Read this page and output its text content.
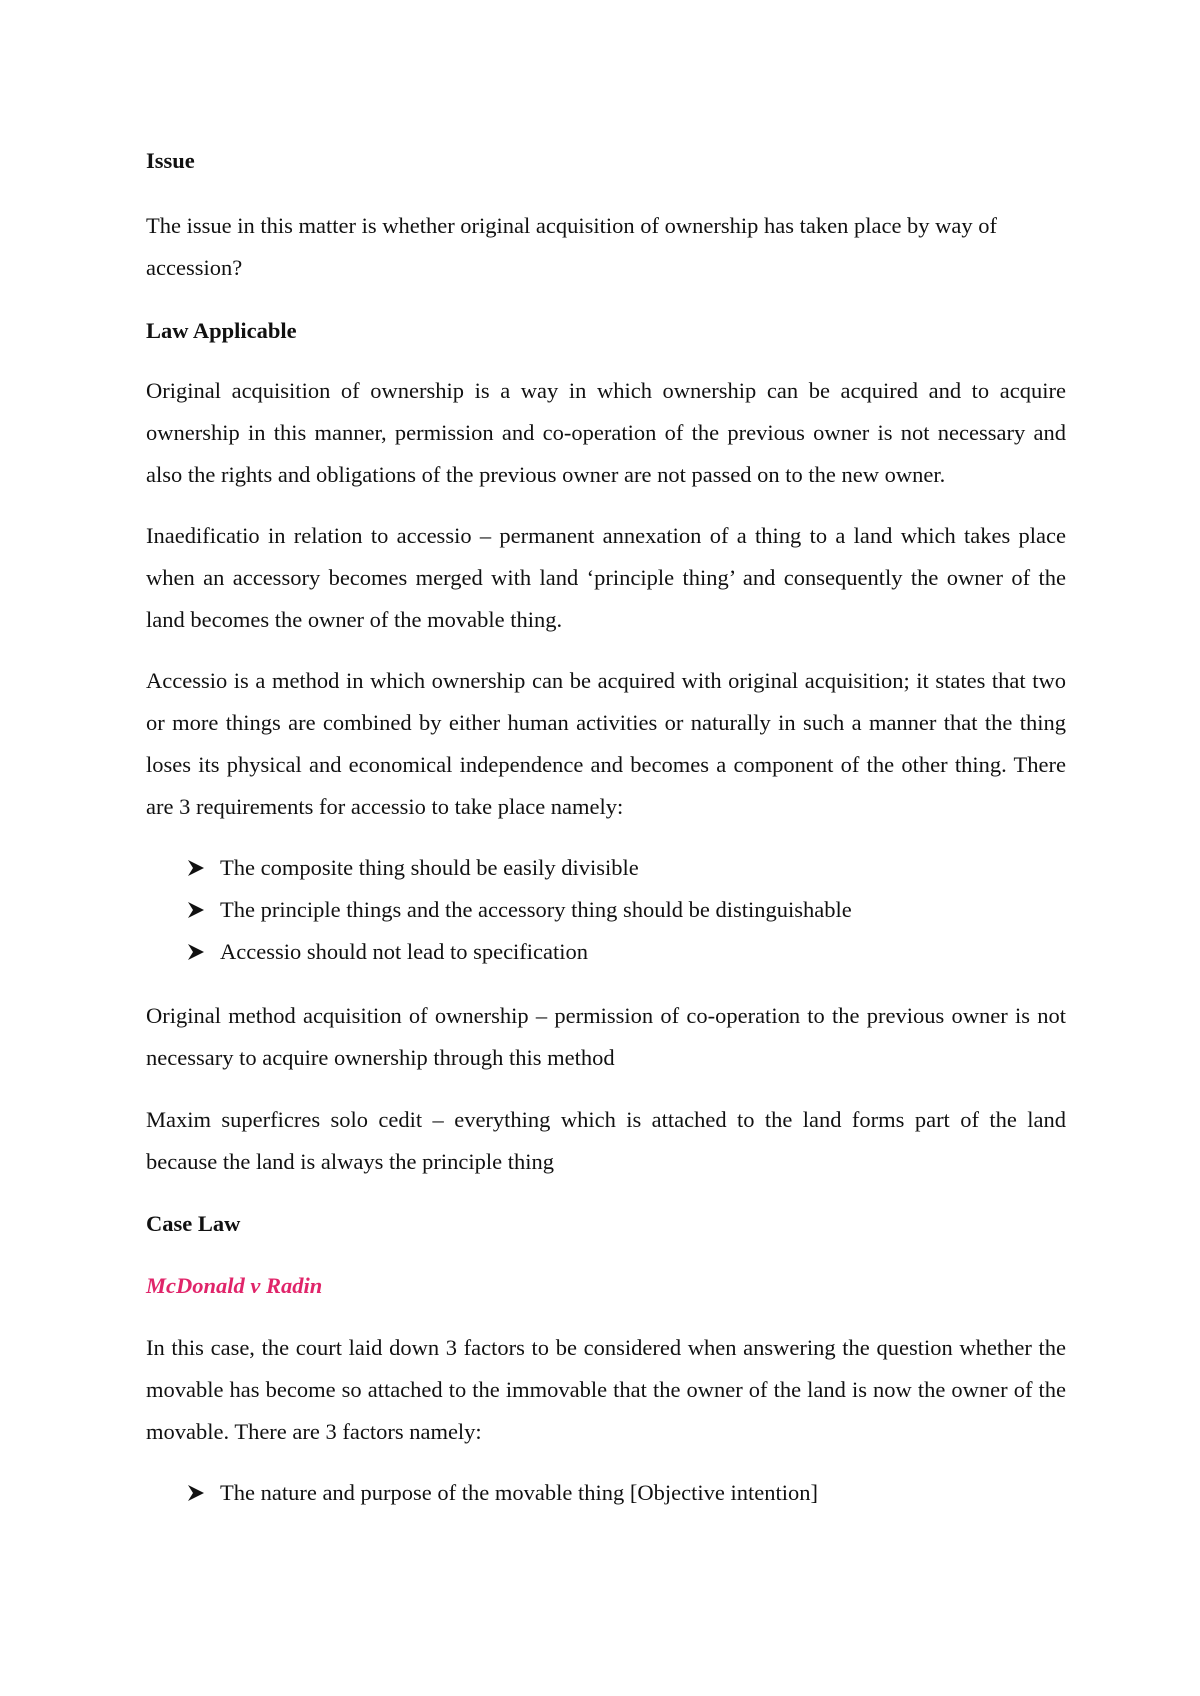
Issue

The issue in this matter is whether original acquisition of ownership has taken place by way of accession?

Law Applicable

Original acquisition of ownership is a way in which ownership can be acquired and to acquire ownership in this manner, permission and co-operation of the previous owner is not necessary and also the rights and obligations of the previous owner are not passed on to the new owner.

Inaedificatio in relation to accessio – permanent annexation of a thing to a land which takes place when an accessory becomes merged with land ‘principle thing’ and consequently the owner of the land becomes the owner of the movable thing.

Accessio is a method in which ownership can be acquired with original acquisition; it states that two or more things are combined by either human activities or naturally in such a manner that the thing loses its physical and economical independence and becomes a component of the other thing. There are 3 requirements for accessio to take place namely:

The composite thing should be easily divisible
The principle things and the accessory thing should be distinguishable
Accessio should not lead to specification

Original method acquisition of ownership – permission of co-operation to the previous owner is not necessary to acquire ownership through this method

Maxim superficres solo cedit – everything which is attached to the land forms part of the land because the land is always the principle thing

Case Law

McDonald v Radin

In this case, the court laid down 3 factors to be considered when answering the question whether the movable has become so attached to the immovable that the owner of the land is now the owner of the movable. There are 3 factors namely:

The nature and purpose of the movable thing [Objective intention]
